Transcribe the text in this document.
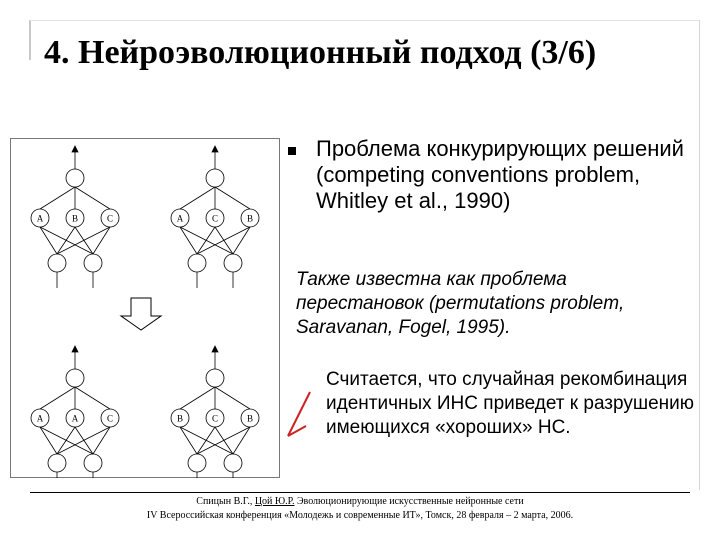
4. Нейроэволюционный подход (3/6)
A	B	C	A	C	B
A	A	C	B	C	B
Проблема конкурирующих решений (competing conventions problem, Whitley et al., 1990)
Также известна как проблема перестановок (permutations problem, Saravanan, Fogel, 1995).
Считается, что случайная рекомбинация идентичных ИНС приведет к разрушению имеющихся «хороших» НС.
Спицын В.Г., Цой Ю.Р. Эволюционирующие искусственные нейронные сети
IV Всероссийская конференция «Молодежь и современные ИТ», Томск, 28 февраля – 2 марта, 2006.
